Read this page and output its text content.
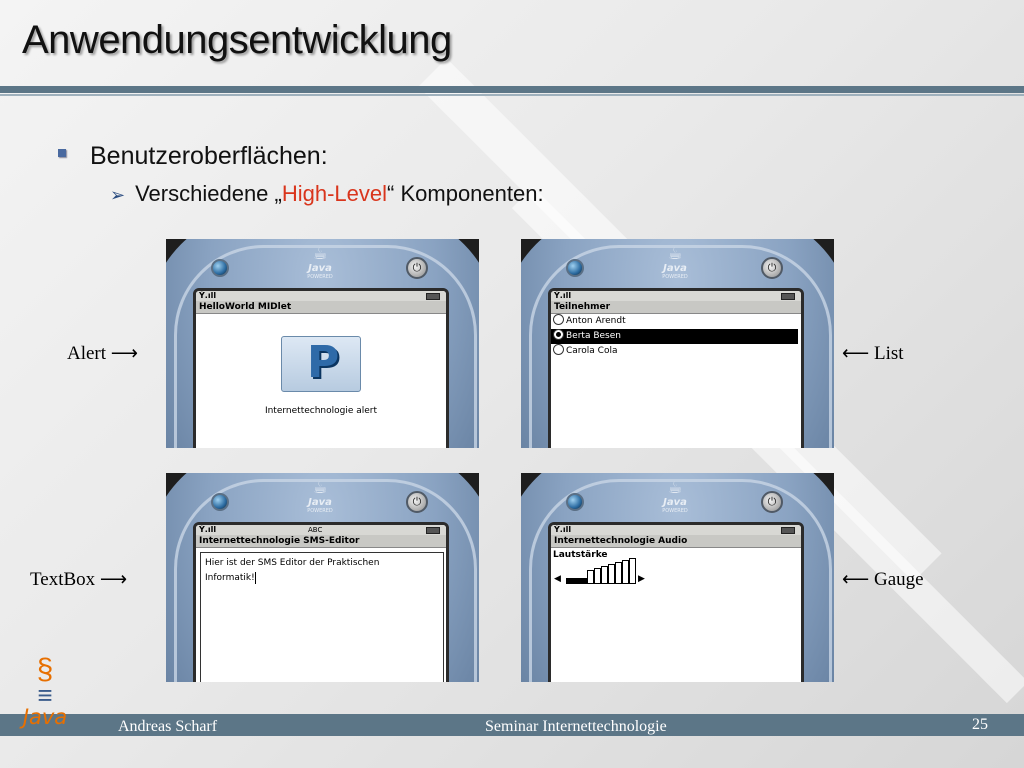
Anwendungsentwicklung
Benutzeroberflächen:
➢ Verschiedene „High-Level“ Komponenten:
☕
Java
POWERED
⏻
Ỳ.ıll
HelloWorld MIDlet
P
Internettechnologie alert
☕
Java
POWERED
⏻
Ỳ.ıll
Teilnehmer
Anton Arendt
Berta Besen
Carola Cola
☕
Java
POWERED
⏻
Ỳ.ıll	ABC
Internettechnologie SMS-Editor
Hier ist der SMS Editor der Praktischen
Informatik!
☕
Java
POWERED
⏻
Ỳ.ıll
Internettechnologie Audio
Lautstärke
◀	▶
Alert ⟶	⟵ List
TextBox ⟶	⟵ Gauge
§
≡
Java	Andreas Scharf	Seminar Internettechnologie	25
